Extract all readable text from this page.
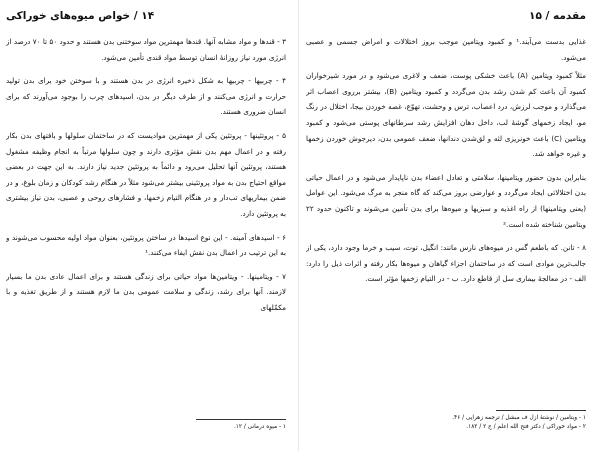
۱۴ / خواص میوه‌های خوراکی

۳ - قندها و مواد مشابه آنها. قندها مهمترین مواد سوختنی بدن هستند و حدود ۵۰ تا ۷۰ درصد از انرژی مورد نیاز روزانهٔ انسان توسط مواد قندی تأمین می‌شود.

۴ - چربیها - چربیها به شکل ذخیره انرژی در بدن هستند و با سوختن خود برای بدن تولید حرارت و انرژی می‌کنند و از طرف دیگر در بدن، اسیدهای چرب را بوجود می‌آورند که برای انسان ضروری هستند.

۵ - پروتئینها - پروتئین یکی از مهمترین موادیست که در ساختمان سلولها و بافتهای بدن بکار رفته و در اعمال مهم بدن نقش مؤثری دارند و چون سلولها مرتباً به انجام وظیفه مشغول هستند، پروتئین آنها تحلیل می‌رود و دائماً به پروتئین جدید نیاز دارند. به این جهت در بعضی مواقع احتیاج بدن به مواد پروتئینی بیشتر می‌شود مثلاً در هنگام رشد کودکان و زمان بلوغ، و در ضمن بیماریهای تب‌دار و در هنگام التیام زخمها، و فشارهای روحی و عصبی، بدن نیاز بیشتری به پروتئین دارد.

۶ - اسیدهای آمینه. - این نوع اسیدها در ساختن پروتئین، بعنوان مواد اولیه محسوب می‌شوند و به این ترتیب در اعمال بدن نقش ایفاء می‌کنند.¹

۷ - ویتامینها. - ویتامین‌ها مواد حیاتی برای زندگی هستند و برای اعمال عادی بدن ما بسیار لازمند. آنها برای رشد، زندگی و سلامت عمومی بدن ما لازم هستند و از طریق تغذیه و با مکمّلهای

۱ - میوه درمانی / ۱۲.

مقدمه / ۱۵

غذایی بدست می‌آیند.¹ و کمبود ویتامین موجب بروز اختلالات و امراض جسمی و عصبی می‌شود.

مثلاً کمبود ویتامین (A) باعث خشکی پوست، ضعف و لاغری می‌شود و در مورد شیرخواران کمبود آن باعث کم شدن رشد بدن می‌گردد و کمبود ویتامین (B)، بیشتر برروی اعصاب اثر می‌گذارد و موجب لرزش، درد اعصاب، ترس و وحشت، تهوّع، غصه خوردن بیجا، اختلال در رنگ مو، ایجاد زخمهای گوشهٔ لب، داخل دهان افزایش رشد سرطانهای پوستی می‌شود و کمبود ویتامین (C) باعث خونریزی لثه و لق‌شدن دندانها، ضعف عمومی بدن، دیرجوش خوردن زخمها و غیره خواهد شد.

بنابراین بدون حضور ویتامینها، سلامتی و تعادل اعضاء بدن ناپایدار می‌شود و در اعمال حیاتی بدن اختلالاتی ایجاد می‌گردد و عوارضی بروز می‌کند که گاه منجر به مرگ می‌شود. این عوامل (یعنی ویتامینها) از راه اغذیه و سبزیها و میوه‌ها برای بدن تأمین می‌شوند و تاکنون حدود ۲۲ ویتامین شناخته شده است.²

۸ - تانن. که باطعم گس در میوه‌های نارس مانند: انگیل، توت، سیب و خرما وجود دارد، یکی از جالب‌ترین موادی است که در ساختمان اجزاء گیاهان و میوه‌ها بکار رفته و اثرات ذیل را دارد: الف - در معالجهٔ بیماری سل از قاطع دارد. ب - در التیام زخمها مؤثر است.

۱ - ویتامین / نوشتهٔ ازل ف مبشل / ترجمه زهرایی / ۴۶.

۲ - مواد خوراکی / دکتر فتح الله اعلم / ج ۲ / ۱۸۲.
